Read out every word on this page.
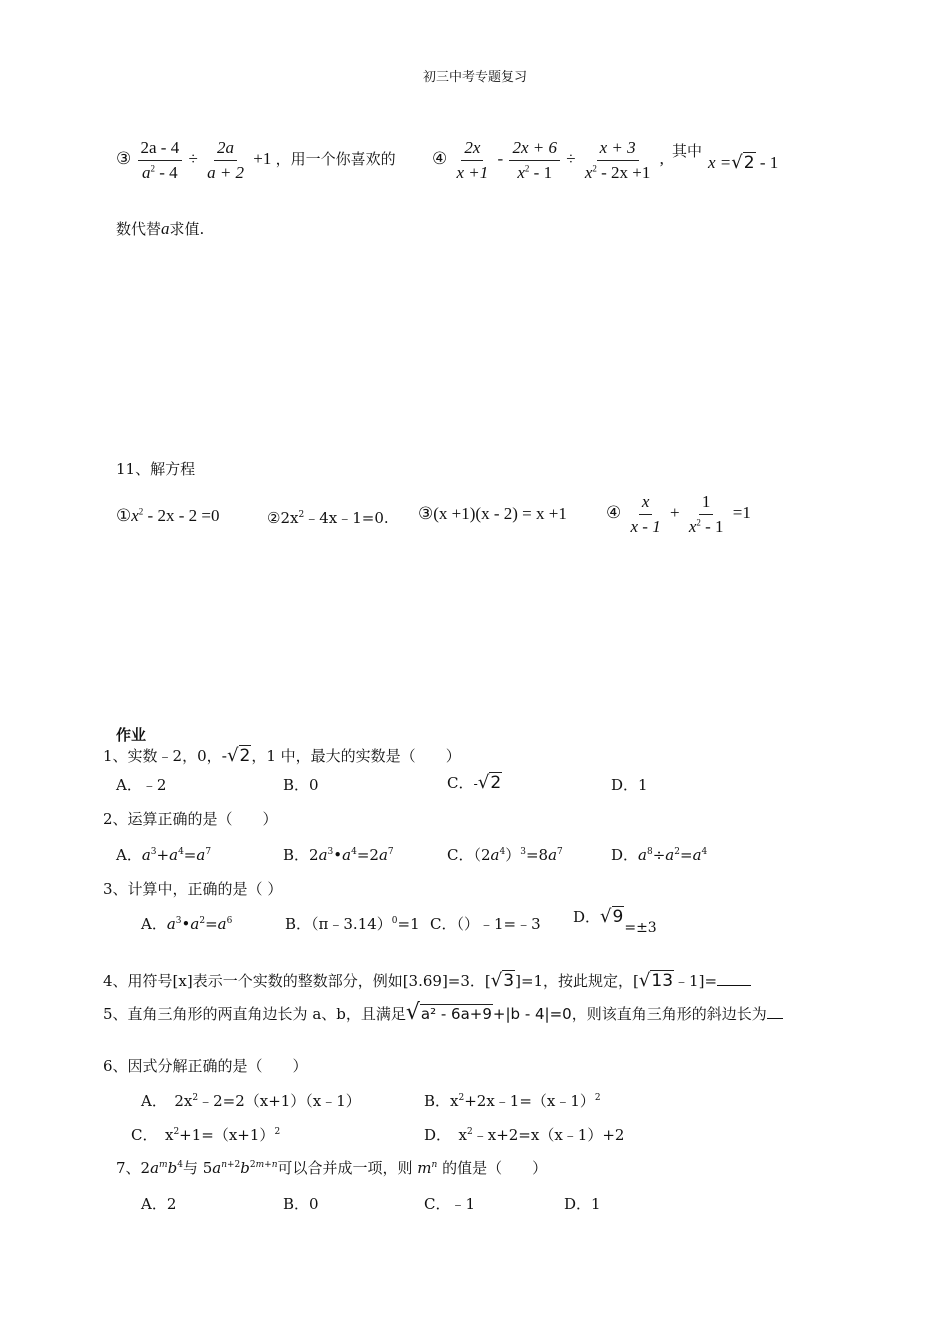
初三中考专题复习
③ $\frac{2a - 4}{a^2 - 4} \div \frac{2a}{a + 2} +1$ ，用一个你喜欢的 ④ $\frac{2x}{x +1} - \frac{2x + 6}{x^2 - 1} \div \frac{x + 3}{x^2 - 2x +1}$ , 其中
x =√2 - 1
数代替a求值.
11、解方程
$①x^2 - 2x - 2 =0$	$②2x^2﹣4x﹣1=0$. ③(x +1)(x - 2) = x +1 ④ $\frac{x}{x - 1} + \frac{1}{x^2 - 1} =1$
作业
1、实数﹣2，0，-√2，1 中，最大的实数是（　　）
A．﹣2	B．0	C．-√2	D．1
2、运算正确的是（　　）
A．$a^3+a^4=a^7$	B．$2a^3•a^4=2a^7$	C．$(2a^4)^3=8a^7$	D．$a^8\div a^2=a^4$
3、计算中，正确的是（ ）
A．$a^3•a^2=a^6$	B．（π﹣3.14）$^0$=1 C．（）﹣1=﹣3 D．√9=±3
4、用符号[x]表示一个实数的整数部分，例如[3.69]=3．[√3]=1，按此规定，[√13﹣1]=
5、直角三角形的两直角边长为 a、b，且满足√a² - 6a+9+|b - 4|=0，则该直角三角形的斜边长为
6、因式分解正确的是（　　）
A．　$2x^2﹣2=2(x+1)(x﹣1)$	B．$x^2+2x﹣1=(x﹣1)^2$
C．　$x^2+1=(x+1)^2$	D．　$x^2﹣x+2=x(x﹣1)+2$
7、$2a^mb^4$与 $5a^{n+2}b^{2m+n}$可以合并成一项，则 $m^n$ 的值是（　　）
A．2	B．0	C．﹣1	D．1
